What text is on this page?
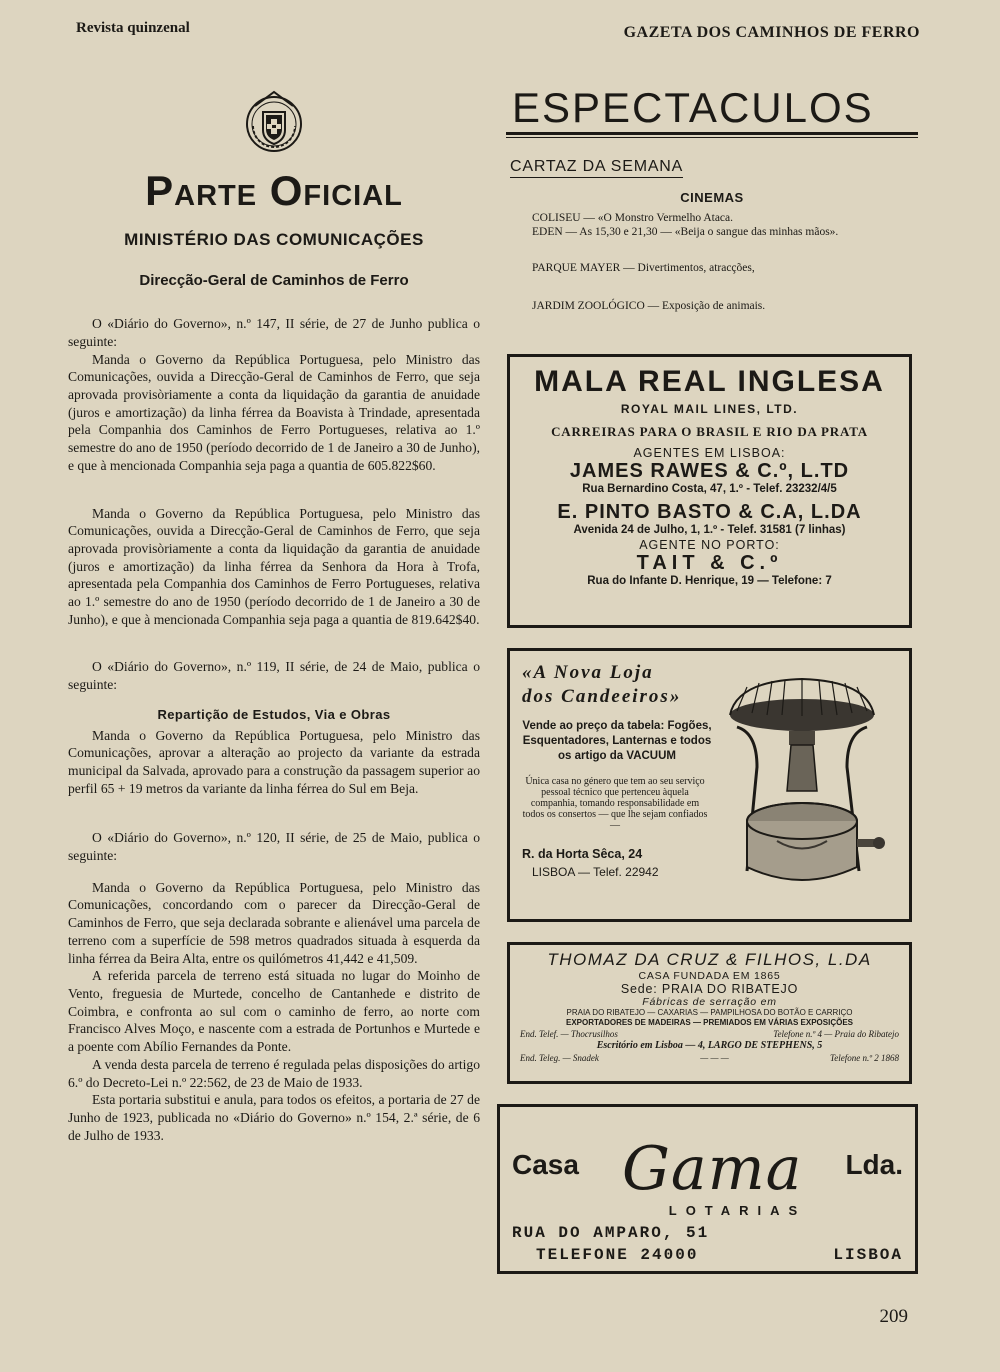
Revista quinzenal	GAZETA DOS CAMINHOS DE FERRO
Parte Oficial
MINISTÉRIO DAS COMUNICAÇÕES
Direcção-Geral de Caminhos de Ferro

O «Diário do Governo», n.º 147, II série, de 27 de Junho publica o seguinte:

Manda o Governo da República Portuguesa, pelo Ministro das Comunicações, ouvida a Direcção-Geral de Caminhos de Ferro, que seja aprovada provisòriamente a conta da liquidação da garantia de anuidade (juros e amortização) da linha férrea da Boavista à Trindade, apresentada pela Companhia dos Caminhos de Ferro Portugueses, relativa ao 1.º semestre do ano de 1950 (período decorrido de 1 de Janeiro a 30 de Junho), e que à mencionada Companhia seja paga a quantia de 605.822$60.

Manda o Governo da República Portuguesa, pelo Ministro das Comunicações, ouvida a Direcção-Geral de Caminhos de Ferro, que seja aprovada provisòriamente a conta da liquidação da garantia de anuidade (juros e amortização) da linha férrea da Senhora da Hora à Trofa, apresentada pela Companhia dos Caminhos de Ferro Portugueses, relativa ao 1.º semestre do ano de 1950 (período decorrido de 1 de Janeiro a 30 de Junho), e que à mencionada Companhia seja paga a quantia de 819.642$40.

O «Diário do Governo», n.º 119, II série, de 24 de Maio, publica o seguinte:

Repartição de Estudos, Via e Obras

Manda o Governo da República Portuguesa, pelo Ministro das Comunicações, aprovar a alteração ao projecto da variante da estrada municipal da Salvada, aprovado para a construção da passagem superior ao perfil 65 + 19 metros da variante da linha férrea do Sul em Beja.

O «Diário do Governo», n.º 120, II série, de 25 de Maio, publica o seguinte:

Manda o Governo da República Portuguesa, pelo Ministro das Comunicações, concordando com o parecer da Direcção-Geral de Caminhos de Ferro, que seja declarada sobrante e alienável uma parcela de terreno com a superfície de 598 metros quadrados situada à esquerda da linha férrea da Beira Alta, entre os quilómetros 41,442 e 41,509.

A referida parcela de terreno está situada no lugar do Moinho de Vento, freguesia de Murtede, concelho de Cantanhede e distrito de Coimbra, e confronta ao sul com o caminho de ferro, ao norte com Francisco Alves Moço, e nascente com a estrada de Portunhos e Murtede e a poente com Abílio Fernandes da Ponte.

A venda desta parcela de terreno é regulada pelas disposições do artigo 6.º do Decreto-Lei n.º 22:562, de 23 de Maio de 1933.

Esta portaria substitui e anula, para todos os efeitos, a portaria de 27 de Junho de 1923, publicada no «Diário do Governo» n.º 154, 2.ª série, de 6 de Julho de 1933.

ESPECTACULOS
CARTAZ DA SEMANA
CINEMAS
COLISEU — «O Monstro Vermelho Ataca.
EDEN — As 15,30 e 21,30 — «Beija o sangue das minhas mãos».
PARQUE MAYER — Divertimentos, atracções,
JARDIM ZOOLÓGICO — Exposição de animais.
MALA REAL INGLESA
ROYAL MAIL LINES, LTD.
CARREIRAS PARA O BRASIL E RIO DA PRATA
AGENTES EM LISBOA:
JAMES RAWES & C.º, L.TD
Rua Bernardino Costa, 47, 1.º - Telef. 23232/4/5
E. PINTO BASTO & C.A, L.DA
Avenida 24 de Julho, 1, 1.º - Telef. 31581 (7 linhas)
AGENTE NO PORTO:
TAIT & C.º
Rua do Infante D. Henrique, 19 — Telefone: 7
«A Nova Loja
dos Candeeiros»
Vende ao preço da tabela: Fogões, Esquentadores, Lanternas e todos os artigo da VACUUM
Única casa no género que tem ao seu serviço pessoal técnico que pertenceu àquela companhia, tomando responsabilidade em todos os consertos — que lhe sejam confiados —
R. da Horta Sêca, 24
LISBOA — Telef. 22942
THOMAZ DA CRUZ & FILHOS, L.DA
CASA FUNDADA EM 1865
Sede: PRAIA DO RIBATEJO
Fábricas de serração em
PRAIA DO RIBATEJO — CAXARIAS — PAMPILHOSA DO BOTÃO E CARRIÇO
EXPORTADORES DE MADEIRAS — PREMIADOS EM VÁRIAS EXPOSIÇÕES
End. Telef. — Thocrusilhos	Telefone n.º 4 — Praia do Ribatejo
Escritório em Lisboa — 4, LARGO DE STEPHENS, 5
End. Teleg. — Snadek	— — —	Telefone n.º 2 1868
Casa Gama Lda.
LOTARIAS
RUA DO AMPARO, 51
TELEFONE 24000	LISBOA
209
